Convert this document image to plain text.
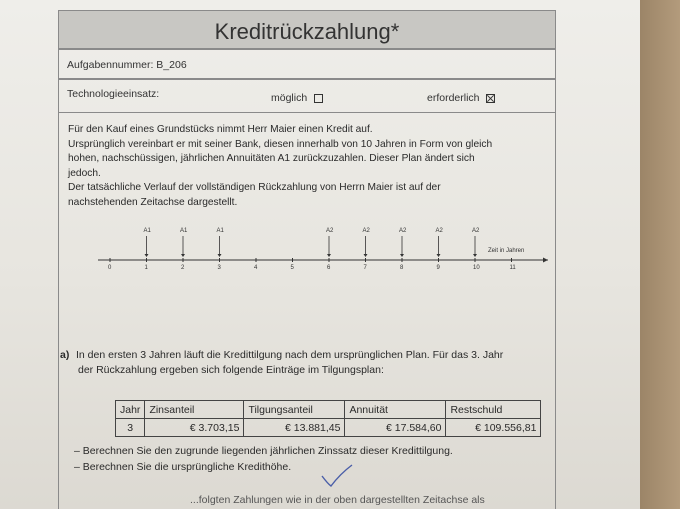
Kreditrückzahlung*
Aufgabennummer: B_206
Technologieeinsatz:	möglich	erforderlich

Für den Kauf eines Grundstücks nimmt Herr Maier einen Kredit auf.

Ursprünglich vereinbart er mit seiner Bank, diesen innerhalb von 10 Jahren in Form von gleich

hohen, nachschüssigen, jährlichen Annuitäten A1 zurückzuzahlen. Dieser Plan ändert sich

jedoch.

Der tatsächliche Verlauf der vollständigen Rückzahlung von Herrn Maier ist auf der

nachstehenden Zeitachse dargestellt.

Zeit in Jahren
0	1	2	3	4	5	6	7	8	9	10	11
A1	A1	A1	A2	A2	A2	A2	A2
a) In den ersten 3 Jahren läuft die Kredittilgung nach dem ursprünglichen Plan. Für das 3. Jahr
der Rückzahlung ergeben sich folgende Einträge im Tilgungsplan:
Jahr	Zinsanteil	Tilgungsanteil	Annuität	Restschuld
3	€ 3.703,15	€ 13.881,45	€ 17.584,60	€ 109.556,81
– Berechnen Sie den zugrunde liegenden jährlichen Zinssatz dieser Kredittilgung.
– Berechnen Sie die ursprüngliche Kredithöhe.
...folgten Zahlungen wie in der oben dargestellten Zeitachse als
